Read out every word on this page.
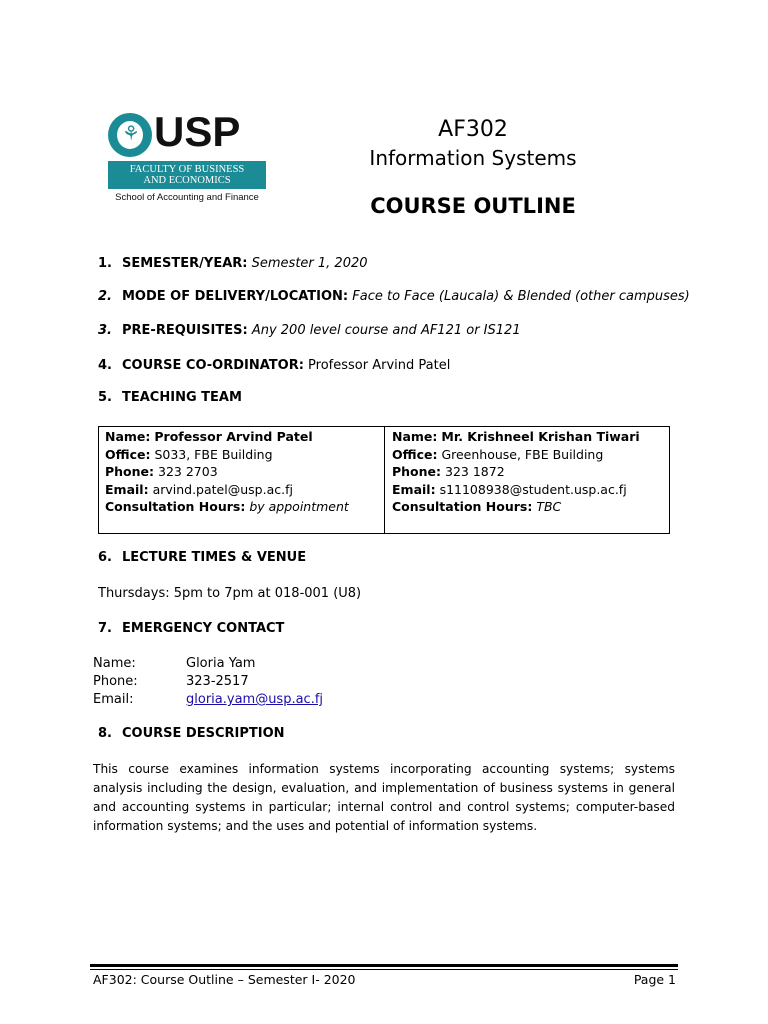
⚘ USP
FACULTY OF BUSINESS
AND ECONOMICS
School of Accounting and Finance
AF302
Information Systems
COURSE OUTLINE
1. SEMESTER/YEAR: Semester 1, 2020
2. MODE OF DELIVERY/LOCATION: Face to Face (Laucala) & Blended (other campuses)
3. PRE-REQUISITES: Any 200 level course and AF121 or IS121
4. COURSE CO-ORDINATOR: Professor Arvind Patel
5. TEACHING TEAM
Name: Professor Arvind Patel
Office: S033, FBE Building
Phone: 323 2703
Email: arvind.patel@usp.ac.fj
Consultation Hours: by appointment
Name: Mr. Krishneel Krishan Tiwari
Office: Greenhouse, FBE Building
Phone: 323 1872
Email: s11108938@student.usp.ac.fj
Consultation Hours: TBC
6. LECTURE TIMES & VENUE
Thursdays: 5pm to 7pm at 018-001 (U8)
7. EMERGENCY CONTACT
Name:	Gloria Yam
Phone:	323-2517
Email:	gloria.yam@usp.ac.fj
8. COURSE DESCRIPTION
This course examines information systems incorporating accounting systems; systems analysis including the design, evaluation, and implementation of business systems in general and accounting systems in particular; internal control and control systems; computer-based information systems; and the uses and potential of information systems.
AF302: Course Outline – Semester I- 2020	Page 1
